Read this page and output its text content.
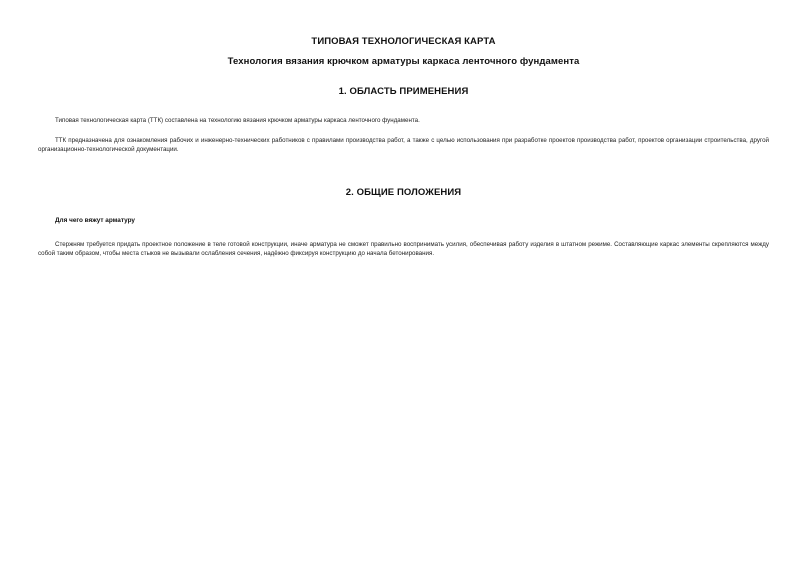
ТИПОВАЯ ТЕХНОЛОГИЧЕСКАЯ КАРТА
Технология вязания крючком арматуры каркаса ленточного фундамента
1. ОБЛАСТЬ ПРИМЕНЕНИЯ
Типовая технологическая карта (ТТК) составлена на технологию вязания крючком арматуры каркаса ленточного фундамента.
ТТК предназначена для ознакомления рабочих и инженерно-технических работников с правилами производства работ, а также с целью использования при разработке проектов производства работ, проектов организации строительства, другой организационно-технологической документации.
2. ОБЩИЕ ПОЛОЖЕНИЯ
Для чего вяжут арматуру
Стержням требуется придать проектное положение в теле готовой конструкции, иначе арматура не сможет правильно воспринимать усилия, обеспечивая работу изделия в штатном режиме. Составляющие каркас элементы скрепляются между собой таким образом, чтобы места стыков не вызывали ослабления сечения, надёжно фиксируя конструкцию до начала бетонирования.
